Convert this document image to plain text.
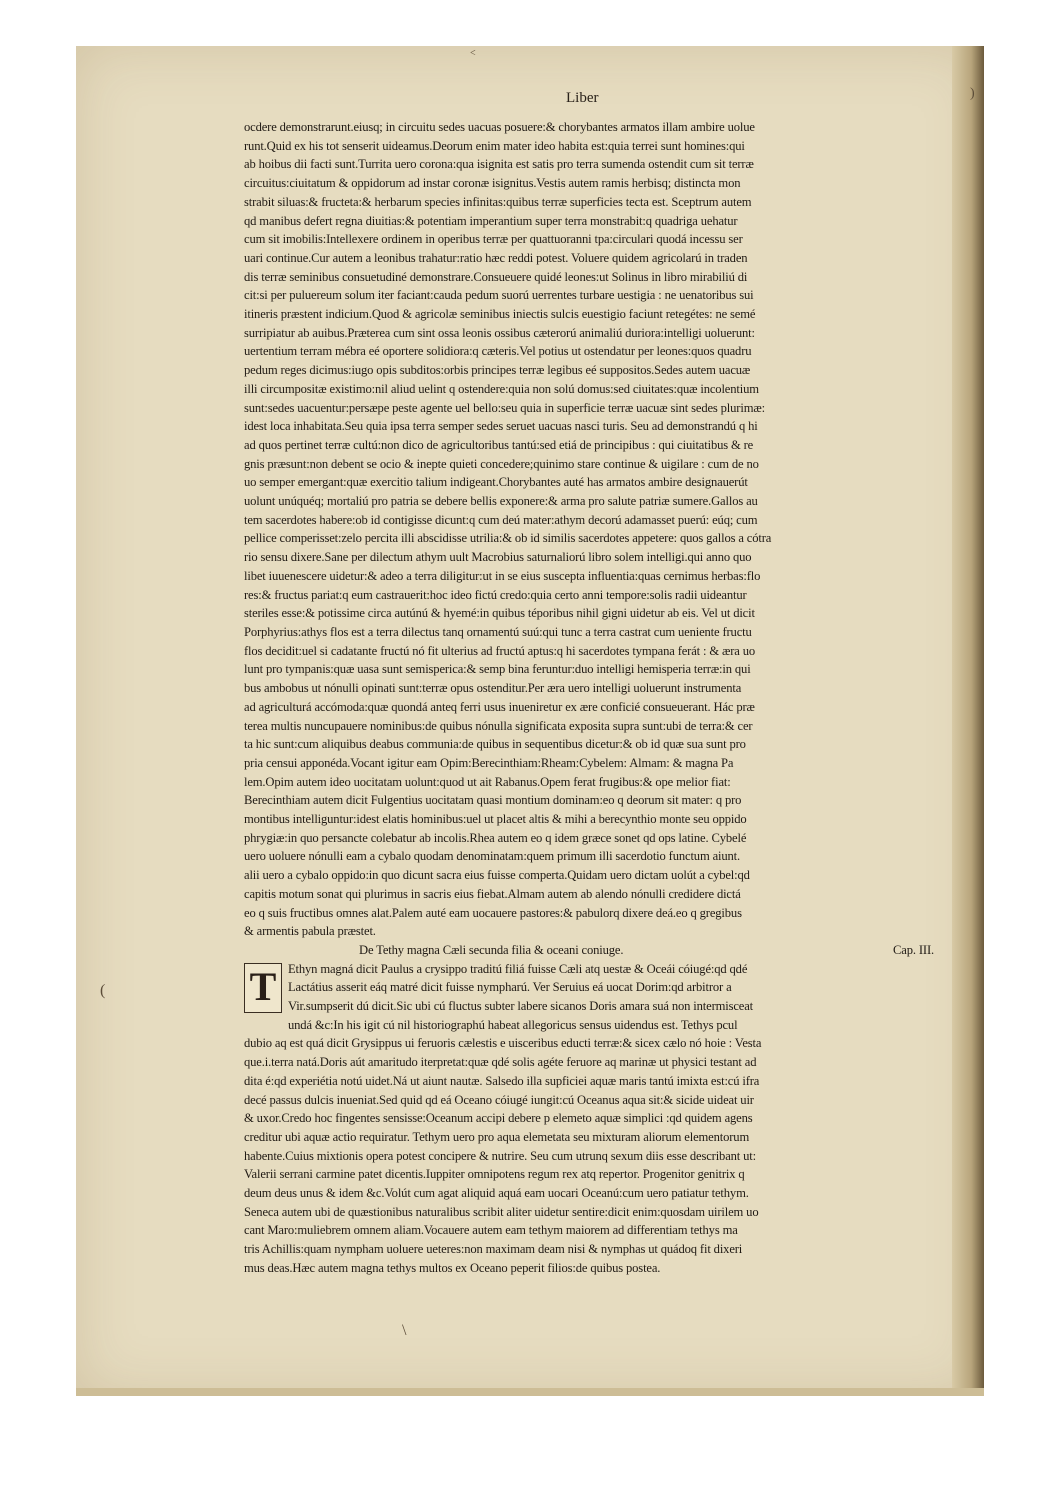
Liber

ocdere demonstrarunt.eiusq; in circuitu sedes uacuas posuere:& chorybantes armatos illam ambire uolue
runt.Quid ex his tot senserit uideamus.Deorum enim mater ideo habita est:quia terrei sunt homines:qui
ab hoibus dii facti sunt.Turrita uero corona:qua isignita est satis pro terra sumenda ostendit cum sit terræ
circuitus:ciuitatum & oppidorum ad instar coronæ isignitus.Vestis autem ramis herbisq; distincta mon
strabit siluas:& fructeta:& herbarum species infinitas:quibus terræ superficies tecta est. Sceptrum autem
qd manibus defert regna diuitias:& potentiam imperantium super terra monstrabit:q quadriga uehatur
cum sit imobilis:Intellexere ordinem in operibus terræ per quattuoranni tpa:circulari quodá incessu ser
uari continue.Cur autem a leonibus trahatur:ratio hæc reddi potest. Voluere quidem agricolarú in traden
dis terræ seminibus consuetudiné demonstrare.Consueuere quidé leones:ut Solinus in libro mirabiliú di
cit:si per puluereum solum iter faciant:cauda pedum suorú uerrentes turbare uestigia : ne uenatoribus sui
itineris præstent indicium.Quod & agricolæ seminibus iniectis sulcis euestigio faciunt retegétes: ne semé
surripiatur ab auibus.Præterea cum sint ossa leonis ossibus cæterorú animaliú duriora:intelligi uoluerunt:
uertentium terram mébra eé oportere solidiora:q cæteris.Vel potius ut ostendatur per leones:quos quadru
pedum reges dicimus:iugo opis subditos:orbis principes terræ legibus eé suppositos.Sedes autem uacuæ
illi circumpositæ existimo:nil aliud uelint q ostendere:quia non solú domus:sed ciuitates:quæ incolentium
sunt:sedes uacuentur:persæpe peste agente uel bello:seu quia in superficie terræ uacuæ sint sedes plurimæ:
idest loca inhabitata.Seu quia ipsa terra semper sedes seruet uacuas nasci turis. Seu ad demonstrandú q hi
ad quos pertinet terræ cultú:non dico de agricultoribus tantú:sed etiá de principibus : qui ciuitatibus & re
gnis præsunt:non debent se ocio & inepte quieti concedere;quinimo stare continue & uigilare : cum de no
uo semper emergant:quæ exercitio talium indigeant.Chorybantes auté has armatos ambire designauerút
uolunt unúquéq; mortaliú pro patria se debere bellis exponere:& arma pro salute patriæ sumere.Gallos au
tem sacerdotes habere:ob id contigisse dicunt:q cum deú mater:athym decorú adamasset puerú: eúq; cum
pellice comperisset:zelo percita illi abscidisse utrilia:& ob id similis sacerdotes appetere: quos gallos a cótra
rio sensu dixere.Sane per dilectum athym uult Macrobius saturnaliorú libro solem intelligi.qui anno quo
libet iuuenescere uidetur:& adeo a terra diligitur:ut in se eius suscepta influentia:quas cernimus herbas:flo
res:& fructus pariat:q eum castrauerit:hoc ideo fictú credo:quia certo anni tempore:solis radii uideantur
steriles esse:& potissime circa autúnú & hyemé:in quibus téporibus nihil gigni uidetur ab eis. Vel ut dicit
Porphyrius:athys flos est a terra dilectus tanq ornamentú suú:qui tunc a terra castrat cum ueniente fructu
flos decidit:uel si cadatante fructú nó fit ulterius ad fructú aptus:q hi sacerdotes tympana ferát : & æra uo
lunt pro tympanis:quæ uasa sunt semisperica:& semp bina feruntur:duo intelligi hemisperia terræ:in qui
bus ambobus ut nónulli opinati sunt:terræ opus ostenditur.Per æra uero intelligi uoluerunt instrumenta
ad agriculturá accómoda:quæ quondá anteq ferri usus inueniretur ex ære conficié consueuerant. Hác præ
terea multis nuncupauere nominibus:de quibus nónulla significata exposita supra sunt:ubi de terra:& cer
ta hic sunt:cum aliquibus deabus communia:de quibus in sequentibus dicetur:& ob id quæ sua sunt pro
pria censui apponéda.Vocant igitur eam Opim:Berecinthiam:Rheam:Cybelem: Almam: & magna Pa
lem.Opim autem ideo uocitatam uolunt:quod ut ait Rabanus.Opem ferat frugibus:& ope melior fiat:
Berecinthiam autem dicit Fulgentius uocitatam quasi montium dominam:eo q deorum sit mater: q pro
montibus intelliguntur:idest elatis hominibus:uel ut placet altis & mihi a berecynthio monte seu oppido
phrygiæ:in quo persancte colebatur ab incolis.Rhea autem eo q idem græce sonet qd ops latine. Cybelé
uero uoluere nónulli eam a cybalo quodam denominatam:quem primum illi sacerdotio functum aiunt.
alii uero a cybalo oppido:in quo dicunt sacra eius fuisse comperta.Quidam uero dictam uolút a cybel:qd
capitis motum sonat qui plurimus in sacris eius fiebat.Almam autem ab alendo nónulli credidere dictá
eo q suis fructibus omnes alat.Palem auté eam uocauere pastores:& pabulorq dixere deá.eo q gregibus
& armentis pabula præstet.
De Tethy magna Cæli secunda filia & oceani coniuge.	Cap. III.
T Ethyn magná dicit Paulus a crysippo traditú filiá fuisse Cæli atq uestæ & Oceái cóiugé:qd qdé
Lactátius asserit eáq matré dicit fuisse nympharú. Ver Seruius eá uocat Dorim:qd arbitror a
Vir.sumpserit dú dicit.Sic ubi cú fluctus subter labere sicanos Doris amara suá non intermisceat
undá &c:In his igit cú nil historiographú habeat allegoricus sensus uidendus est. Tethys pcul
dubio aq est quá dicit Grysippus ui feruoris cælestis e uisceribus educti terræ:& sicex cælo nó hoie : Vesta
que.i.terra natá.Doris aút amaritudo iterpretat:quæ qdé solis agéte feruore aq marinæ ut physici testant ad
dita é:qd experiétia notú uidet.Ná ut aiunt nautæ. Salsedo illa supficiei aquæ maris tantú imixta est:cú ifra
decé passus dulcis inueniat.Sed quid qd eá Oceano cóiugé iungit:cú Oceanus aqua sit:& sicide uideat uir
& uxor.Credo hoc fingentes sensisse:Oceanum accipi debere p elemeto aquæ simplici :qd quidem agens
creditur ubi aquæ actio requiratur. Tethym uero pro aqua elemetata seu mixturam aliorum elementorum
habente.Cuius mixtionis opera potest concipere & nutrire. Seu cum utrunq sexum diis esse describant ut:
Valerii serrani carmine patet dicentis.Iuppiter omnipotens regum rex atq repertor. Progenitor genitrix q
deum deus unus & idem &c.Volút cum agat aliquid aquá eam uocari Oceanú:cum uero patiatur tethym.
Seneca autem ubi de quæstionibus naturalibus scribit aliter uidetur sentire:dicit enim:quosdam uirilem uo
cant Maro:muliebrem omnem aliam.Vocauere autem eam tethym maiorem ad differentiam tethys ma
tris Achillis:quam nympham uoluere ueteres:non maximam deam nisi & nymphas ut quádoq fit dixeri
mus deas.Hæc autem magna tethys multos ex Oceano peperit filios:de quibus postea.
)
<
(
\
